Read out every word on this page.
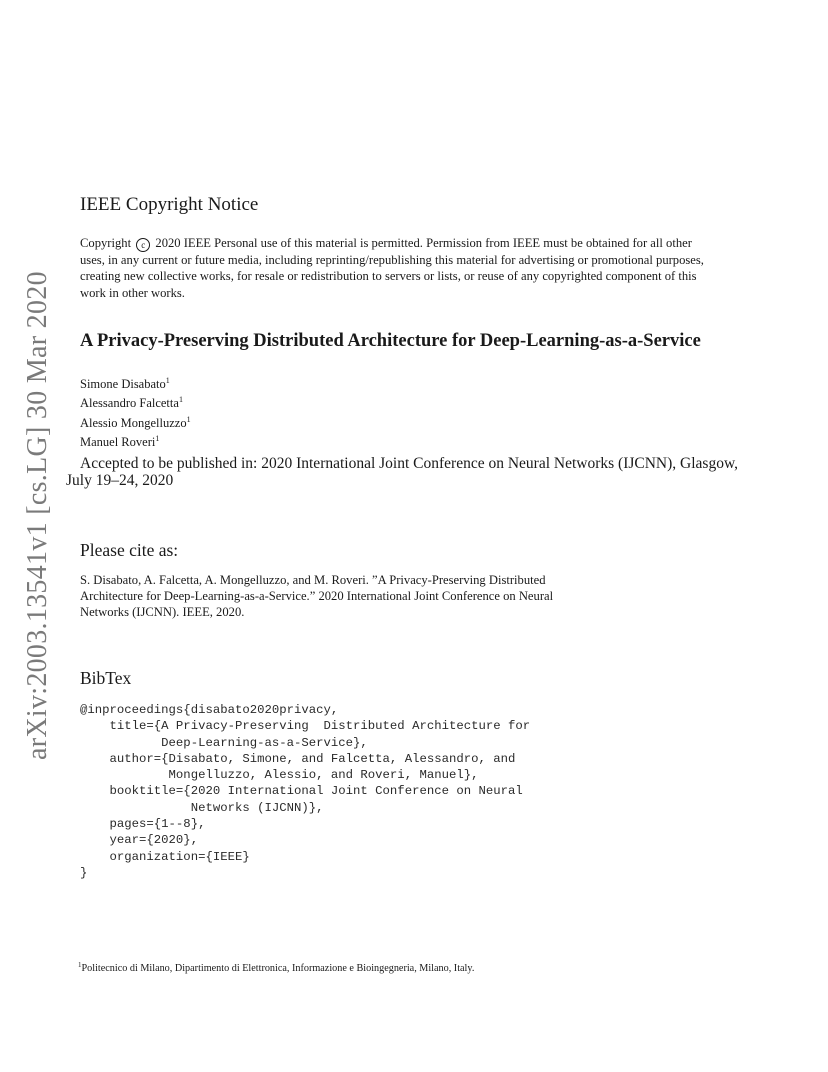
arXiv:2003.13541v1 [cs.LG] 30 Mar 2020
IEEE Copyright Notice
Copyright c 2020 IEEE Personal use of this material is permitted. Permission from IEEE must be obtained for all other
uses, in any current or future media, including reprinting/republishing this material for advertising or promotional purposes,
creating new collective works, for resale or redistribution to servers or lists, or reuse of any copyrighted component of this
work in other works.
A Privacy-Preserving Distributed Architecture for Deep-Learning-as-a-Service
Simone Disabato$^1$
Alessandro Falcetta$^1$
Alessio Mongelluzzo$^1$
Manuel Roveri$^1$
Accepted to be published in: 2020 International Joint Conference on Neural Networks (IJCNN), Glasgow,
July 19–24, 2020
Please cite as:
S. Disabato, A. Falcetta, A. Mongelluzzo, and M. Roveri. ”A Privacy-Preserving Distributed
Architecture for Deep-Learning-as-a-Service.” 2020 International Joint Conference on Neural
Networks (IJCNN). IEEE, 2020.
BibTex
@inproceedings{disabato2020privacy,
title={A Privacy-Preserving  Distributed Architecture for
Deep-Learning-as-a-Service},
author={Disabato, Simone, and Falcetta, Alessandro, and
Mongelluzzo, Alessio, and Roveri, Manuel},
booktitle={2020 International Joint Conference on Neural
Networks (IJCNN)},
pages={1--8},
year={2020},
organization={IEEE}
}
$^1$Politecnico di Milano, Dipartimento di Elettronica, Informazione e Bioingegneria, Milano, Italy.
